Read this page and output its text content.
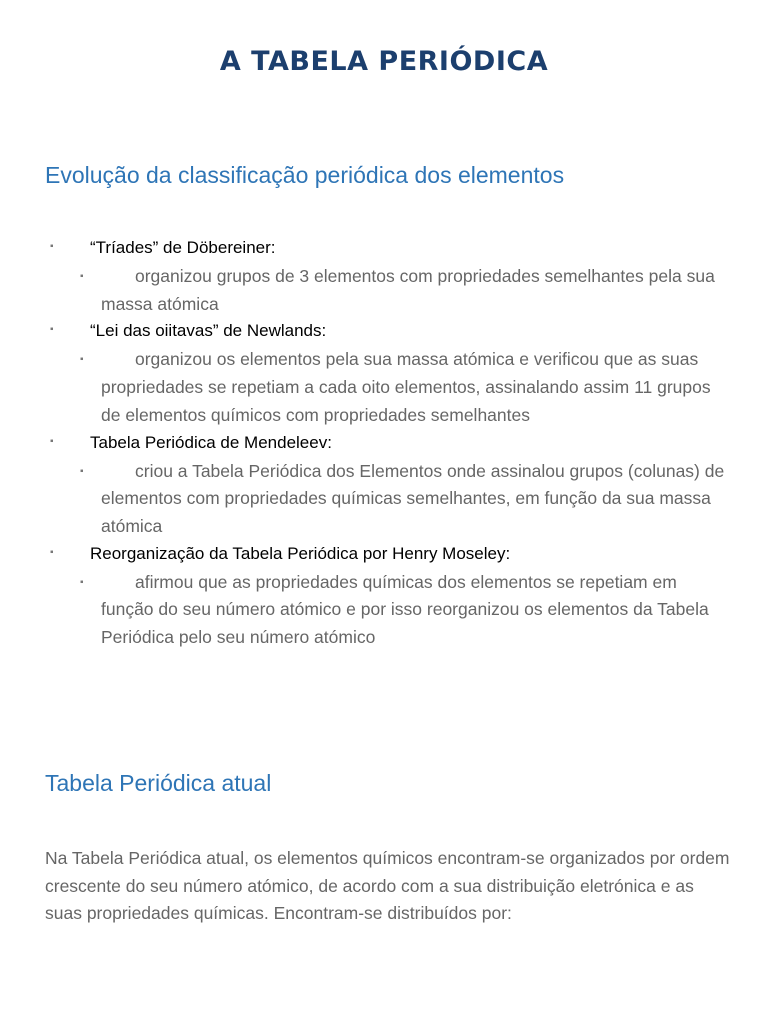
A TABELA PERIÓDICA
Evolução da classificação periódica dos elementos
▪ “Tríades” de Döbereiner:
▪	organizou grupos de 3 elementos com propriedades semelhantes pela sua massa atómica
▪ “Lei das oiitavas” de Newlands:
▪	organizou os elementos pela sua massa atómica e verificou que as suas propriedades se repetiam a cada oito elementos, assinalando assim 11 grupos de elementos químicos com propriedades semelhantes
▪ Tabela Periódica de Mendeleev:
▪	criou a Tabela Periódica dos Elementos onde assinalou grupos (colunas) de elementos com propriedades químicas semelhantes, em função da sua massa atómica
▪ Reorganização da Tabela Periódica por Henry Moseley:
▪	afirmou que as propriedades químicas dos elementos se repetiam em função do seu número atómico e por isso reorganizou os elementos da Tabela Periódica pelo seu número atómico
Tabela Periódica atual

Na Tabela Periódica atual, os elementos químicos encontram-se organizados por ordem crescente do seu número atómico, de acordo com a sua distribuição eletrónica e as suas propriedades químicas. Encontram-se distribuídos por:
